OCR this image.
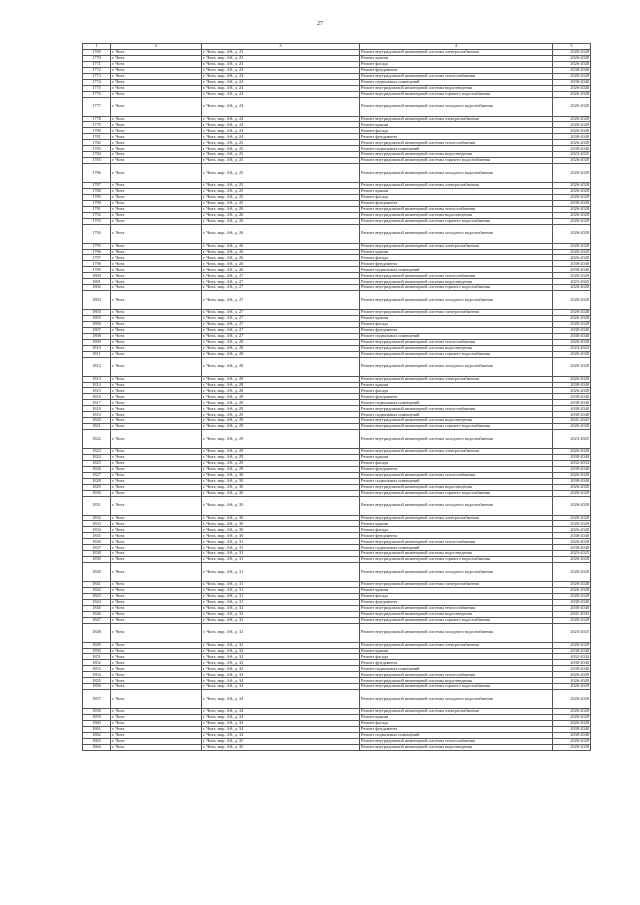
27
1	2	3	4	5
1769	г. Чита	г. Чита, мкр. 4-й, д. 23	Ремонт внутридомовой инженерной системы электроснабжения	2026-2028
1770	г. Чита	г. Чита, мкр. 4-й, д. 23	Ремонт крыши	2026-2028
1771	г. Чита	г. Чита, мкр. 4-й, д. 23	Ремонт фасада	2026-2028
1772	г. Чита	г. Чита, мкр. 4-й, д. 23	Ремонт фундамента	2038-2040
1773	г. Чита	г. Чита, мкр. 4-й, д. 24	Ремонт внутридомовой инженерной системы теплоснабжения	2026-2028
1774	г. Чита	г. Чита, мкр. 4-й, д. 24	Ремонт подвальных помещений	2038-2040
1775	г. Чита	г. Чита, мкр. 4-й, д. 24	Ремонт внутридомовой инженерной системы водоотведения	2026-2028
1776	г. Чита	г. Чита, мкр. 4-й, д. 24	Ремонт внутридомовой инженерной системы горячего водоснабжения	2026-2028
1777	г. Чита	г. Чита, мкр. 4-й, д. 24	Ремонт внутридомовой инженерной системы холодного водоснабжения	2026-2028
1778	г. Чита	г. Чита, мкр. 4-й, д. 24	Ремонт внутридомовой инженерной системы электроснабжения	2026-2028
1779	г. Чита	г. Чита, мкр. 4-й, д. 24	Ремонт крыши	2026-2028
1780	г. Чита	г. Чита, мкр. 4-й, д. 24	Ремонт фасада	2026-2028
1781	г. Чита	г. Чита, мкр. 4-й, д. 24	Ремонт фундамента	2038-2040
1782	г. Чита	г. Чита, мкр. 4-й, д. 25	Ремонт внутридомовой инженерной системы теплоснабжения	2026-2028
1783	г. Чита	г. Чита, мкр. 4-й, д. 25	Ремонт подвальных помещений	2038-2040
1784	г. Чита	г. Чита, мкр. 4-й, д. 25	Ремонт внутридомовой инженерной системы водоотведения	2023-2025
1785	г. Чита	г. Чита, мкр. 4-й, д. 25	Ремонт внутридомовой инженерной системы горячего водоснабжения	2026-2028
1786	г. Чита	г. Чита, мкр. 4-й, д. 25	Ремонт внутридомовой инженерной системы холодного водоснабжения	2026-2028
1787	г. Чита	г. Чита, мкр. 4-й, д. 25	Ремонт внутридомовой инженерной системы электроснабжения	2026-2028
1788	г. Чита	г. Чита, мкр. 4-й, д. 25	Ремонт крыши	2026-2028
1789	г. Чита	г. Чита, мкр. 4-й, д. 25	Ремонт фасада	2026-2028
1790	г. Чита	г. Чита, мкр. 4-й, д. 25	Ремонт фундамента	2038-2040
1791	г. Чита	г. Чита, мкр. 4-й, д. 26	Ремонт внутридомовой инженерной системы теплоснабжения	2026-2028
1792	г. Чита	г. Чита, мкр. 4-й, д. 26	Ремонт внутридомовой инженерной системы водоотведения	2026-2028
1793	г. Чита	г. Чита, мкр. 4-й, д. 26	Ремонт внутридомовой инженерной системы горячего водоснабжения	2026-2028
1794	г. Чита	г. Чита, мкр. 4-й, д. 26	Ремонт внутридомовой инженерной системы холодного водоснабжения	2026-2028
1795	г. Чита	г. Чита, мкр. 4-й, д. 26	Ремонт внутридомовой инженерной системы электроснабжения	2026-2028
1796	г. Чита	г. Чита, мкр. 4-й, д. 26	Ремонт крыши	2026-2028
1797	г. Чита	г. Чита, мкр. 4-й, д. 26	Ремонт фасада	2026-2028
1798	г. Чита	г. Чита, мкр. 4-й, д. 26	Ремонт фундамента	2038-2040
1799	г. Чита	г. Чита, мкр. 4-й, д. 26	Ремонт подвальных помещений	2038-2040
1800	г. Чита	г. Чита, мкр. 4-й, д. 27	Ремонт внутридомовой инженерной системы теплоснабжения	2026-2028
1801	г. Чита	г. Чита, мкр. 4-й, д. 27	Ремонт внутридомовой инженерной системы водоотведения	2023-2025
1802	г. Чита	г. Чита, мкр. 4-й, д. 27	Ремонт внутридомовой инженерной системы горячего водоснабжения	2026-2028
1803	г. Чита	г. Чита, мкр. 4-й, д. 27	Ремонт внутридомовой инженерной системы холодного водоснабжения	2026-2028
1804	г. Чита	г. Чита, мкр. 4-й, д. 27	Ремонт внутридомовой инженерной системы электроснабжения	2026-2028
1805	г. Чита	г. Чита, мкр. 4-й, д. 27	Ремонт крыши	2026-2028
1806	г. Чита	г. Чита, мкр. 4-й, д. 27	Ремонт фасада	2026-2028
1807	г. Чита	г. Чита, мкр. 4-й, д. 27	Ремонт фундамента	2038-2040
1808	г. Чита	г. Чита, мкр. 4-й, д. 27	Ремонт подвальных помещений	2038-2040
1809	г. Чита	г. Чита, мкр. 4-й, д. 28	Ремонт внутридомовой инженерной системы теплоснабжения	2026-2028
1810	г. Чита	г. Чита, мкр. 4-й, д. 28	Ремонт внутридомовой инженерной системы водоотведения	2023-2025
1811	г. Чита	г. Чита, мкр. 4-й, д. 28	Ремонт внутридомовой инженерной системы горячего водоснабжения	2026-2028
1812	г. Чита	г. Чита, мкр. 4-й, д. 28	Ремонт внутридомовой инженерной системы холодного водоснабжения	2026-2028
1813	г. Чита	г. Чита, мкр. 4-й, д. 28	Ремонт внутридомовой инженерной системы электроснабжения	2026-2028
1814	г. Чита	г. Чита, мкр. 4-й, д. 28	Ремонт крыши	2038-2040
1815	г. Чита	г. Чита, мкр. 4-й, д. 28	Ремонт фасада	2026-2028
1816	г. Чита	г. Чита, мкр. 4-й, д. 28	Ремонт фундамента	2038-2040
1817	г. Чита	г. Чита, мкр. 4-й, д. 28	Ремонт подвальных помещений	2038-2040
1818	г. Чита	г. Чита, мкр. 4-й, д. 29	Ремонт внутридомовой инженерной системы теплоснабжения	2038-2040
1819	г. Чита	г. Чита, мкр. 4-й, д. 29	Ремонт подвальных помещений	2038-2040
1820	г. Чита	г. Чита, мкр. 4-й, д. 29	Ремонт внутридомовой инженерной системы водоотведения	2041-2043
1821	г. Чита	г. Чита, мкр. 4-й, д. 29	Ремонт внутридомовой инженерной системы горячего водоснабжения	2026-2028
1822	г. Чита	г. Чита, мкр. 4-й, д. 29	Ремонт внутридомовой инженерной системы холодного водоснабжения	2023-2025
1823	г. Чита	г. Чита, мкр. 4-й, д. 29	Ремонт внутридомовой инженерной системы электроснабжения	2026-2028
1824	г. Чита	г. Чита, мкр. 4-й, д. 29	Ремонт крыши	2038-2040
1825	г. Чита	г. Чита, мкр. 4-й, д. 29	Ремонт фасада	2032-2034
1826	г. Чита	г. Чита, мкр. 4-й, д. 29	Ремонт фундамента	2038-2040
1827	г. Чита	г. Чита, мкр. 4-й, д. 30	Ремонт внутридомовой инженерной системы теплоснабжения	2026-2028
1828	г. Чита	г. Чита, мкр. 4-й, д. 30	Ремонт подвальных помещений	2038-2040
1829	г. Чита	г. Чита, мкр. 4-й, д. 30	Ремонт внутридомовой инженерной системы водоотведения	2026-2028
1830	г. Чита	г. Чита, мкр. 4-й, д. 30	Ремонт внутридомовой инженерной системы горячего водоснабжения	2026-2028
1831	г. Чита	г. Чита, мкр. 4-й, д. 30	Ремонт внутридомовой инженерной системы холодного водоснабжения	2026-2028
1832	г. Чита	г. Чита, мкр. 4-й, д. 30	Ремонт внутридомовой инженерной системы электроснабжения	2026-2028
1833	г. Чита	г. Чита, мкр. 4-й, д. 30	Ремонт крыши	2026-2028
1834	г. Чита	г. Чита, мкр. 4-й, д. 30	Ремонт фасада	2026-2028
1835	г. Чита	г. Чита, мкр. 4-й, д. 30	Ремонт фундамента	2038-2040
1836	г. Чита	г. Чита, мкр. 4-й, д. 31	Ремонт внутридомовой инженерной системы теплоснабжения	2026-2028
1837	г. Чита	г. Чита, мкр. 4-й, д. 31	Ремонт подвальных помещений	2038-2040
1838	г. Чита	г. Чита, мкр. 4-й, д. 31	Ремонт внутридомовой инженерной системы водоотведения	2023-2025
1839	г. Чита	г. Чита, мкр. 4-й, д. 31	Ремонт внутридомовой инженерной системы горячего водоснабжения	2026-2028
1840	г. Чита	г. Чита, мкр. 4-й, д. 31	Ремонт внутридомовой инженерной системы холодного водоснабжения	2026-2028
1841	г. Чита	г. Чита, мкр. 4-й, д. 31	Ремонт внутридомовой инженерной системы электроснабжения	2026-2028
1842	г. Чита	г. Чита, мкр. 4-й, д. 31	Ремонт крыши	2026-2028
1843	г. Чита	г. Чита, мкр. 4-й, д. 31	Ремонт фасада	2026-2028
1844	г. Чита	г. Чита, мкр. 4-й, д. 31	Ремонт фундамента	2038-2040
1845	г. Чита	г. Чита, мкр. 4-й, д. 32	Ремонт внутридомовой инженерной системы теплоснабжения	2038-2040
1846	г. Чита	г. Чита, мкр. 4-й, д. 32	Ремонт внутридомовой инженерной системы водоотведения	2041-2043
1847	г. Чита	г. Чита, мкр. 4-й, д. 32	Ремонт внутридомовой инженерной системы горячего водоснабжения	2026-2028
1848	г. Чита	г. Чита, мкр. 4-й, д. 32	Ремонт внутридомовой инженерной системы холодного водоснабжения	2023-2025
1849	г. Чита	г. Чита, мкр. 4-й, д. 32	Ремонт внутридомовой инженерной системы электроснабжения	2026-2028
1850	г. Чита	г. Чита, мкр. 4-й, д. 32	Ремонт крыши	2038-2040
1851	г. Чита	г. Чита, мкр. 4-й, д. 32	Ремонт фасада	2032-2034
1852	г. Чита	г. Чита, мкр. 4-й, д. 32	Ремонт фундамента	2038-2040
1853	г. Чита	г. Чита, мкр. 4-й, д. 32	Ремонт подвальных помещений	2038-2040
1854	г. Чита	г. Чита, мкр. 4-й, д. 34	Ремонт внутридомовой инженерной системы теплоснабжения	2026-2028
1855	г. Чита	г. Чита, мкр. 4-й, д. 34	Ремонт внутридомовой инженерной системы водоотведения	2026-2028
1856	г. Чита	г. Чита, мкр. 4-й, д. 34	Ремонт внутридомовой инженерной системы горячего водоснабжения	2026-2028
1857	г. Чита	г. Чита, мкр. 4-й, д. 34	Ремонт внутридомовой инженерной системы холодного водоснабжения	2026-2028
1858	г. Чита	г. Чита, мкр. 4-й, д. 34	Ремонт внутридомовой инженерной системы электроснабжения	2026-2028
1859	г. Чита	г. Чита, мкр. 4-й, д. 34	Ремонт крыши	2026-2028
1860	г. Чита	г. Чита, мкр. 4-й, д. 34	Ремонт фасада	2026-2028
1861	г. Чита	г. Чита, мкр. 4-й, д. 34	Ремонт фундамента	2038-2040
1862	г. Чита	г. Чита, мкр. 4-й, д. 34	Ремонт подвальных помещений	2038-2040
1863	г. Чита	г. Чита, мкр. 4-й, д. 35	Ремонт внутридомовой инженерной системы теплоснабжения	2026-2028
1864	г. Чита	г. Чита, мкр. 4-й, д. 35	Ремонт внутридомовой инженерной системы водоотведения	2026-2028
